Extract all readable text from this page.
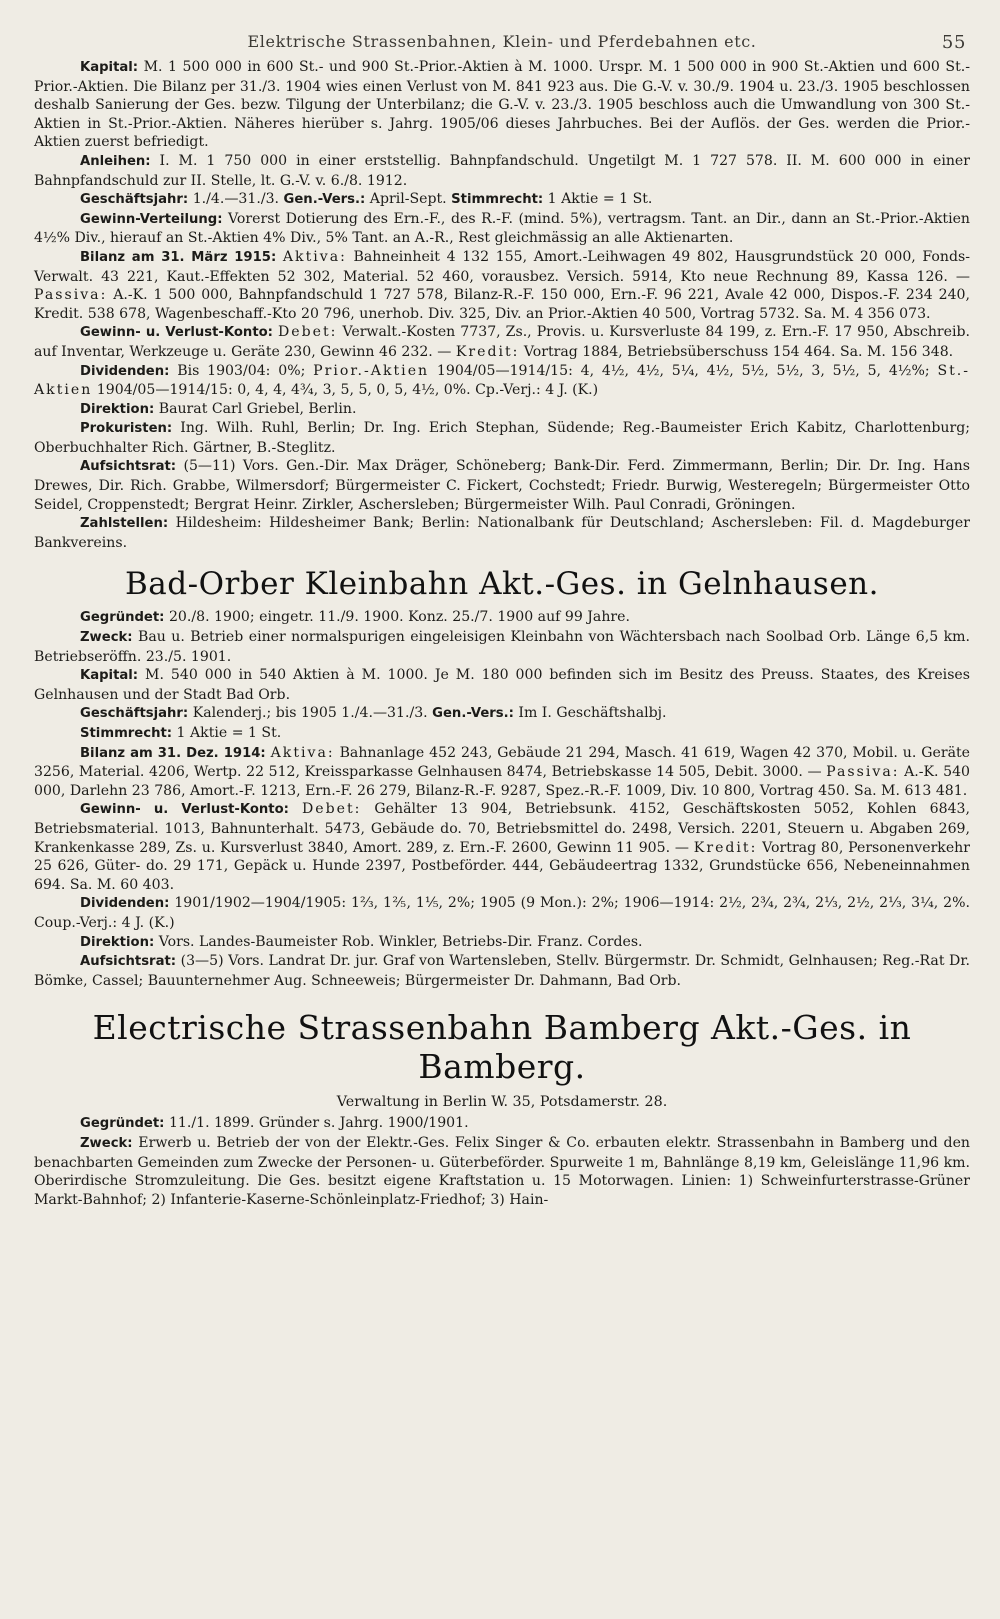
Elektrische Strassenbahnen, Klein- und Pferdebahnen etc.	55

Kapital: M. 1 500 000 in 600 St.- und 900 St.-Prior.-Aktien à M. 1000. Urspr. M. 1 500 000 in 900 St.-Aktien und 600 St.-Prior.-Aktien. Die Bilanz per 31./3. 1904 wies einen Verlust von M. 841 923 aus. Die G.-V. v. 30./9. 1904 u. 23./3. 1905 beschlossen deshalb Sanierung der Ges. bezw. Tilgung der Unterbilanz; die G.-V. v. 23./3. 1905 beschloss auch die Umwandlung von 300 St.-Aktien in St.-Prior.-Aktien. Näheres hierüber s. Jahrg. 1905/06 dieses Jahrbuches. Bei der Auflös. der Ges. werden die Prior.-Aktien zuerst befriedigt.

Anleihen: I. M. 1 750 000 in einer erststellig. Bahnpfandschuld. Ungetilgt M. 1 727 578. II. M. 600 000 in einer Bahnpfandschuld zur II. Stelle, lt. G.-V. v. 6./8. 1912.

Geschäftsjahr: 1./4.—31./3. Gen.-Vers.: April-Sept. Stimmrecht: 1 Aktie = 1 St.

Gewinn-Verteilung: Vorerst Dotierung des Ern.-F., des R.-F. (mind. 5%), vertragsm. Tant. an Dir., dann an St.-Prior.-Aktien 4½% Div., hierauf an St.-Aktien 4% Div., 5% Tant. an A.-R., Rest gleichmässig an alle Aktienarten.

Bilanz am 31. März 1915: Aktiva: Bahneinheit 4 132 155, Amort.-Leihwagen 49 802, Hausgrundstück 20 000, Fonds-Verwalt. 43 221, Kaut.-Effekten 52 302, Material. 52 460, vorausbez. Versich. 5914, Kto neue Rechnung 89, Kassa 126. — Passiva: A.-K. 1 500 000, Bahnpfandschuld 1 727 578, Bilanz-R.-F. 150 000, Ern.-F. 96 221, Avale 42 000, Dispos.-F. 234 240, Kredit. 538 678, Wagenbeschaff.-Kto 20 796, unerhob. Div. 325, Div. an Prior.-Aktien 40 500, Vortrag 5732. Sa. M. 4 356 073.

Gewinn- u. Verlust-Konto: Debet: Verwalt.-Kosten 7737, Zs., Provis. u. Kursverluste 84 199, z. Ern.-F. 17 950, Abschreib. auf Inventar, Werkzeuge u. Geräte 230, Gewinn 46 232. — Kredit: Vortrag 1884, Betriebsüberschuss 154 464. Sa. M. 156 348.

Dividenden: Bis 1903/04: 0%; Prior.-Aktien 1904/05—1914/15: 4, 4½, 4½, 5¼, 4½, 5½, 5½, 3, 5½, 5, 4½%; St.-Aktien 1904/05—1914/15: 0, 4, 4, 4¾, 3, 5, 5, 0, 5, 4½, 0%. Cp.-Verj.: 4 J. (K.)

Direktion: Baurat Carl Griebel, Berlin.

Prokuristen: Ing. Wilh. Ruhl, Berlin; Dr. Ing. Erich Stephan, Südende; Reg.-Baumeister Erich Kabitz, Charlottenburg; Oberbuchhalter Rich. Gärtner, B.-Steglitz.

Aufsichtsrat: (5—11) Vors. Gen.-Dir. Max Dräger, Schöneberg; Bank-Dir. Ferd. Zimmermann, Berlin; Dir. Dr. Ing. Hans Drewes, Dir. Rich. Grabbe, Wilmersdorf; Bürgermeister C. Fickert, Cochstedt; Friedr. Burwig, Westeregeln; Bürgermeister Otto Seidel, Croppenstedt; Bergrat Heinr. Zirkler, Aschersleben; Bürgermeister Wilh. Paul Conradi, Gröningen.

Zahlstellen: Hildesheim: Hildesheimer Bank; Berlin: Nationalbank für Deutschland; Aschersleben: Fil. d. Magdeburger Bankvereins.

Bad-Orber Kleinbahn Akt.-Ges. in Gelnhausen.

Gegründet: 20./8. 1900; eingetr. 11./9. 1900. Konz. 25./7. 1900 auf 99 Jahre.

Zweck: Bau u. Betrieb einer normalspurigen eingeleisigen Kleinbahn von Wächtersbach nach Soolbad Orb. Länge 6,5 km. Betriebseröffn. 23./5. 1901.

Kapital: M. 540 000 in 540 Aktien à M. 1000. Je M. 180 000 befinden sich im Besitz des Preuss. Staates, des Kreises Gelnhausen und der Stadt Bad Orb.

Geschäftsjahr: Kalenderj.; bis 1905 1./4.—31./3. Gen.-Vers.: Im I. Geschäftshalbj.

Stimmrecht: 1 Aktie = 1 St.

Bilanz am 31. Dez. 1914: Aktiva: Bahnanlage 452 243, Gebäude 21 294, Masch. 41 619, Wagen 42 370, Mobil. u. Geräte 3256, Material. 4206, Wertp. 22 512, Kreissparkasse Gelnhausen 8474, Betriebskasse 14 505, Debit. 3000. — Passiva: A.-K. 540 000, Darlehn 23 786, Amort.-F. 1213, Ern.-F. 26 279, Bilanz-R.-F. 9287, Spez.-R.-F. 1009, Div. 10 800, Vortrag 450. Sa. M. 613 481.

Gewinn- u. Verlust-Konto: Debet: Gehälter 13 904, Betriebsunk. 4152, Geschäftskosten 5052, Kohlen 6843, Betriebsmaterial. 1013, Bahnunterhalt. 5473, Gebäude do. 70, Betriebsmittel do. 2498, Versich. 2201, Steuern u. Abgaben 269, Krankenkasse 289, Zs. u. Kursverlust 3840, Amort. 289, z. Ern.-F. 2600, Gewinn 11 905. — Kredit: Vortrag 80, Personenverkehr 25 626, Güter- do. 29 171, Gepäck u. Hunde 2397, Postbeförder. 444, Gebäudeertrag 1332, Grundstücke 656, Nebeneinnahmen 694. Sa. M. 60 403.

Dividenden: 1901/1902—1904/1905: 1⅔, 1⅖, 1⅕, 2%; 1905 (9 Mon.): 2%; 1906—1914: 2½, 2¾, 2¾, 2⅓, 2½, 2⅓, 3¼, 2%. Coup.-Verj.: 4 J. (K.)

Direktion: Vors. Landes-Baumeister Rob. Winkler, Betriebs-Dir. Franz. Cordes.

Aufsichtsrat: (3—5) Vors. Landrat Dr. jur. Graf von Wartensleben, Stellv. Bürgermstr. Dr. Schmidt, Gelnhausen; Reg.-Rat Dr. Bömke, Cassel; Bauunternehmer Aug. Schneeweis; Bürgermeister Dr. Dahmann, Bad Orb.

Electrische Strassenbahn Bamberg Akt.-Ges. in Bamberg.
Verwaltung in Berlin W. 35, Potsdamerstr. 28.

Gegründet: 11./1. 1899. Gründer s. Jahrg. 1900/1901.

Zweck: Erwerb u. Betrieb der von der Elektr.-Ges. Felix Singer & Co. erbauten elektr. Strassenbahn in Bamberg und den benachbarten Gemeinden zum Zwecke der Personen- u. Güterbeförder. Spurweite 1 m, Bahnlänge 8,19 km, Geleislänge 11,96 km. Oberirdische Stromzuleitung. Die Ges. besitzt eigene Kraftstation u. 15 Motorwagen. Linien: 1) Schweinfurterstrasse-Grüner Markt-Bahnhof; 2) Infanterie-Kaserne-Schönleinplatz-Friedhof; 3) Hain-
